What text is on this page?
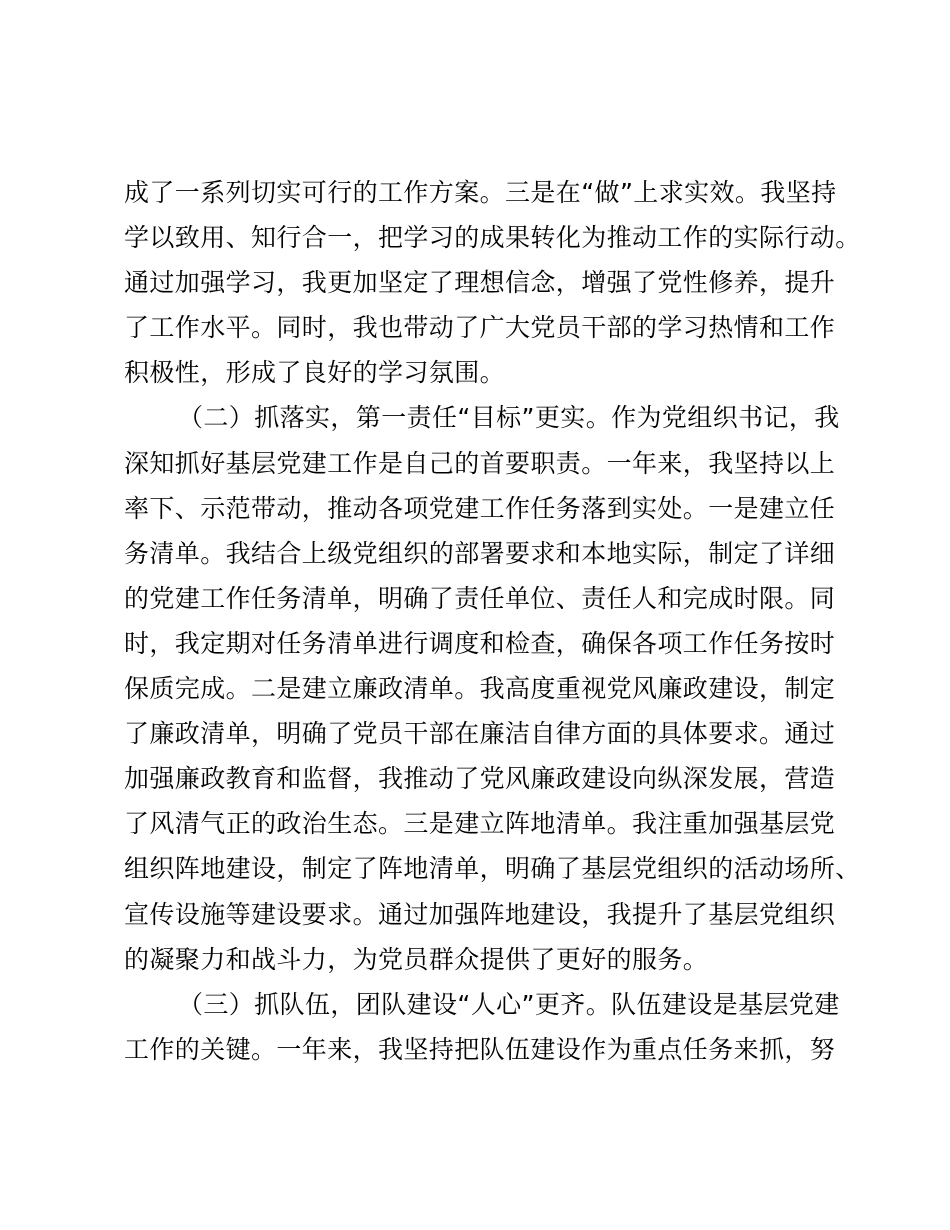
成了一系列切实可行的工作方案。三是在“做”上求实效。我坚持
学以致用、知行合一，把学习的成果转化为推动工作的实际行动。
通过加强学习，我更加坚定了理想信念，增强了党性修养，提升
了工作水平。同时，我也带动了广大党员干部的学习热情和工作
积极性，形成了良好的学习氛围。
（二）抓落实，第一责任“目标”更实。作为党组织书记，我
深知抓好基层党建工作是自己的首要职责。一年来，我坚持以上
率下、示范带动，推动各项党建工作任务落到实处。一是建立任
务清单。我结合上级党组织的部署要求和本地实际，制定了详细
的党建工作任务清单，明确了责任单位、责任人和完成时限。同
时，我定期对任务清单进行调度和检查，确保各项工作任务按时
保质完成。二是建立廉政清单。我高度重视党风廉政建设，制定
了廉政清单，明确了党员干部在廉洁自律方面的具体要求。通过
加强廉政教育和监督，我推动了党风廉政建设向纵深发展，营造
了风清气正的政治生态。三是建立阵地清单。我注重加强基层党
组织阵地建设，制定了阵地清单，明确了基层党组织的活动场所、
宣传设施等建设要求。通过加强阵地建设，我提升了基层党组织
的凝聚力和战斗力，为党员群众提供了更好的服务。
（三）抓队伍，团队建设“人心”更齐。队伍建设是基层党建
工作的关键。一年来，我坚持把队伍建设作为重点任务来抓，努
